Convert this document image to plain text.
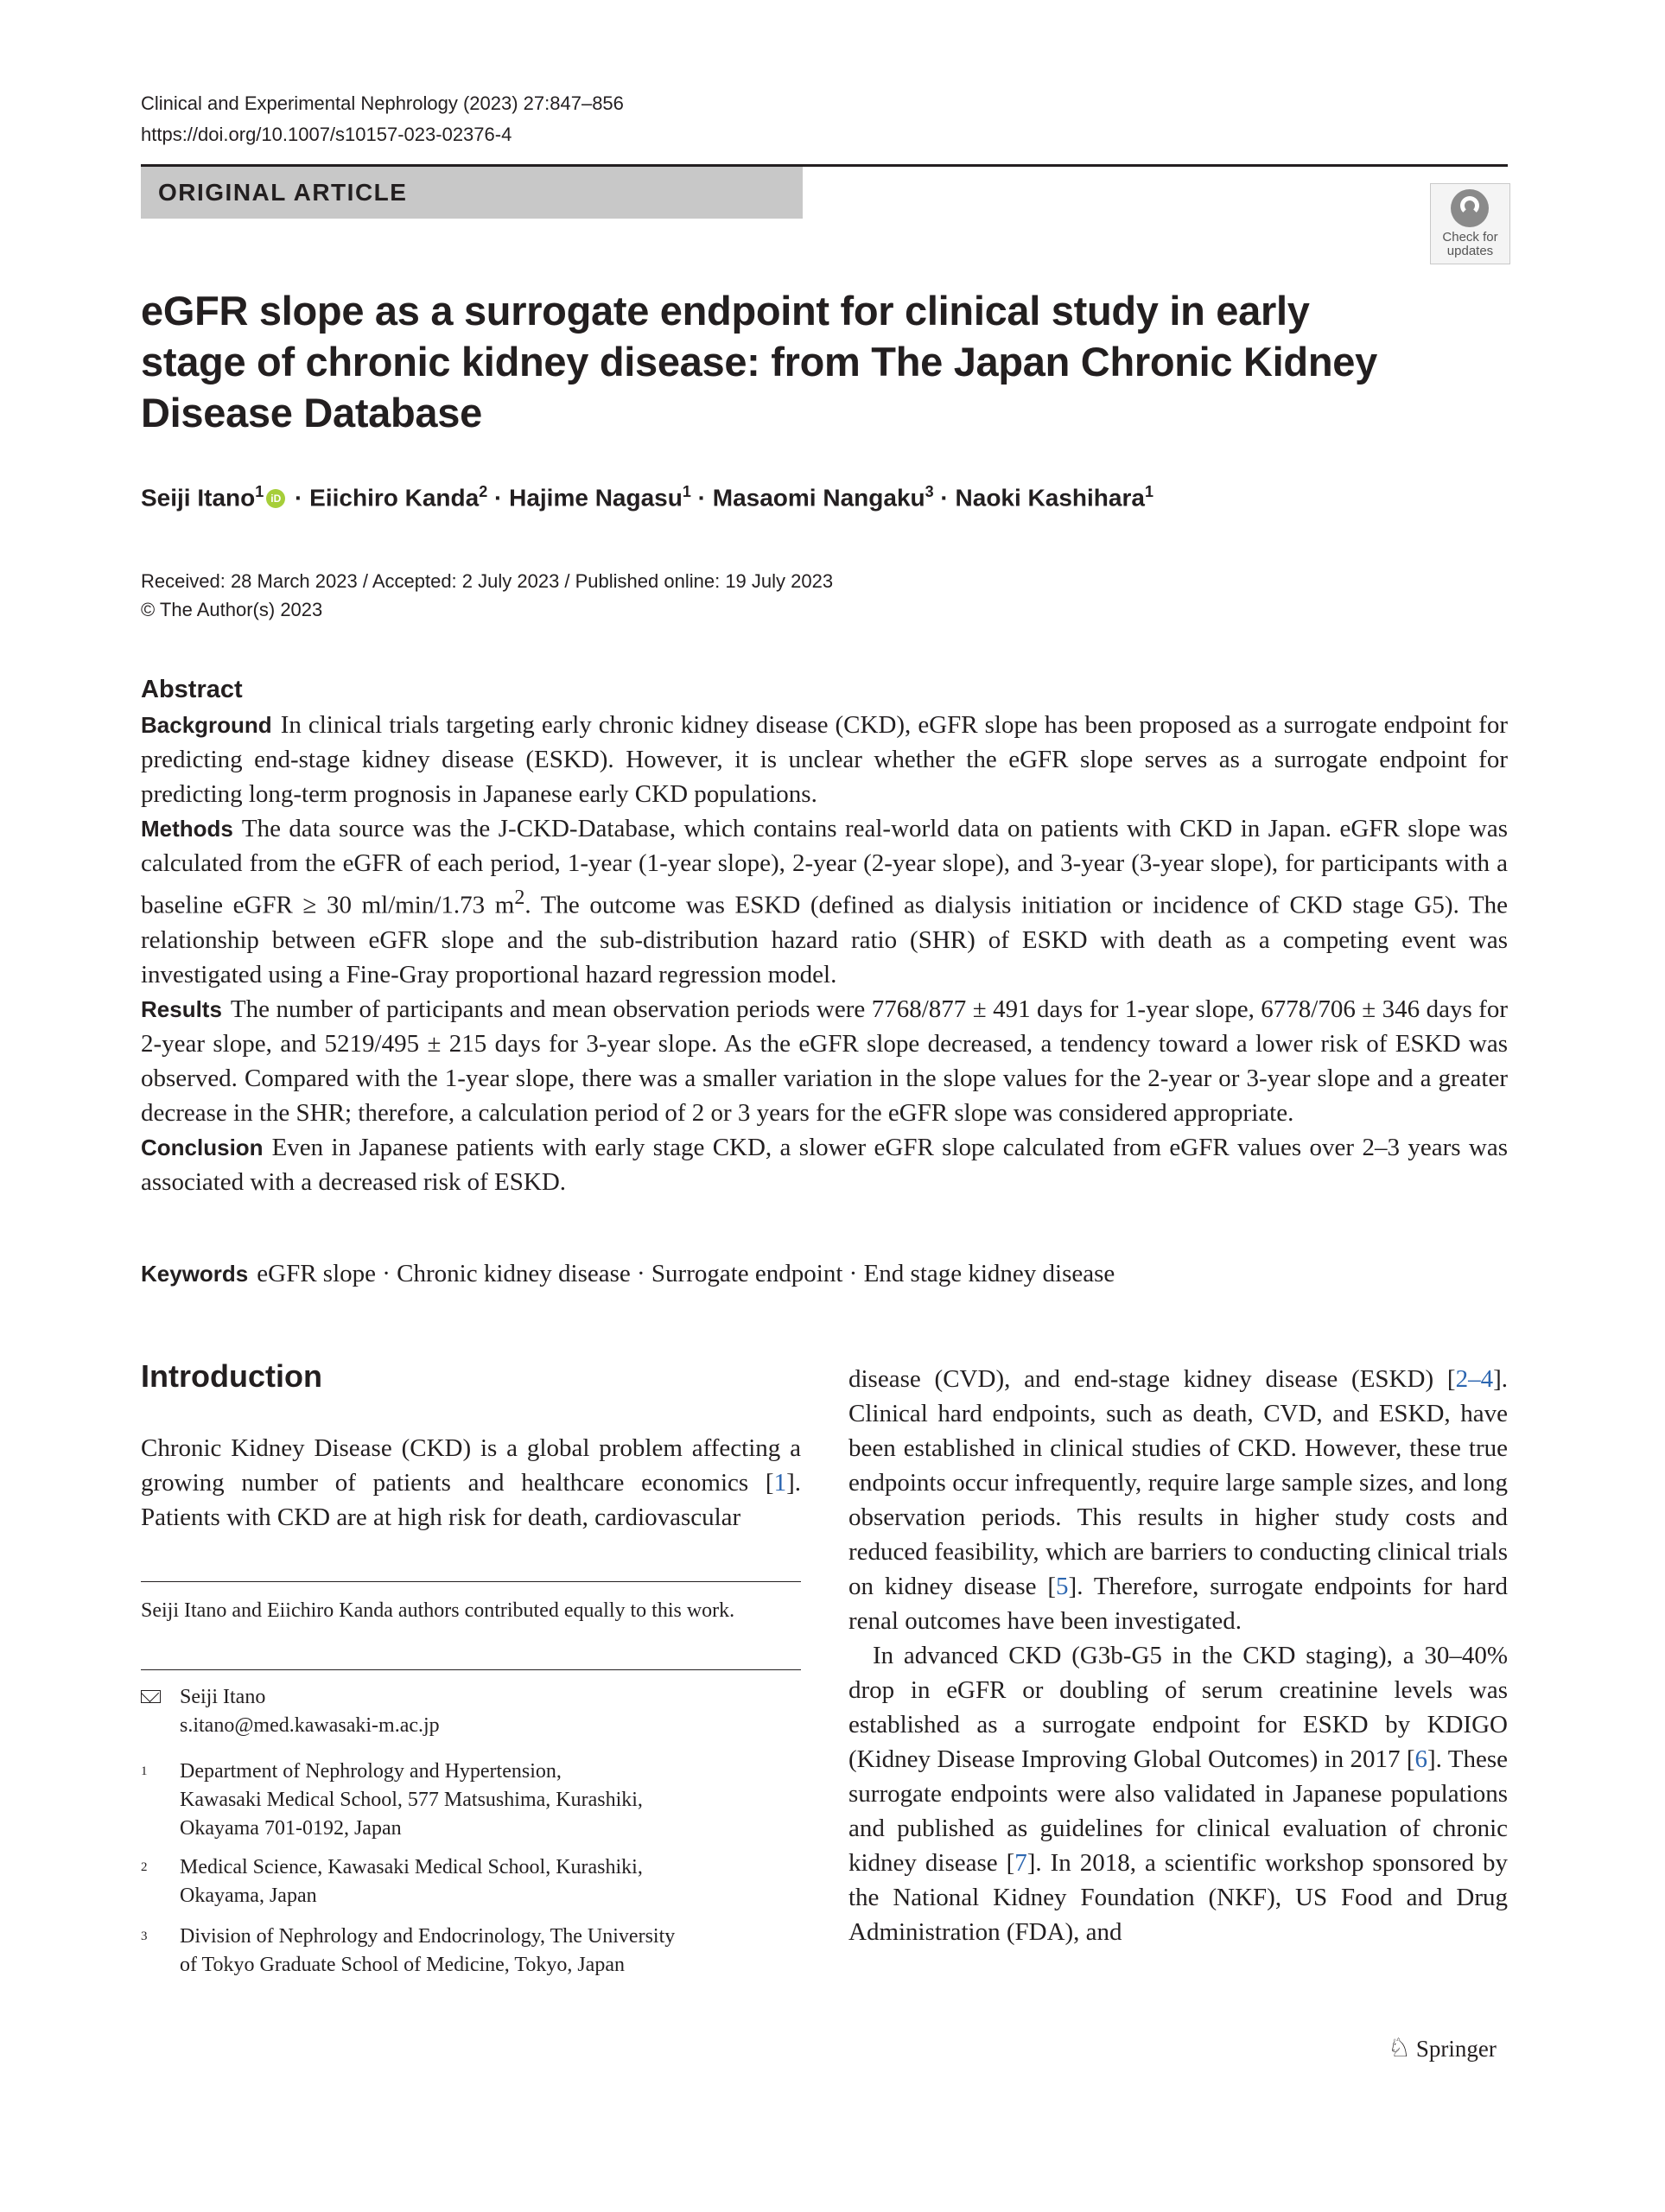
Clinical and Experimental Nephrology (2023) 27:847–856
https://doi.org/10.1007/s10157-023-02376-4
ORIGINAL ARTICLE
Check for
updates
eGFR slope as a surrogate endpoint for clinical study in early stage of chronic kidney disease: from The Japan Chronic Kidney Disease Database
Seiji Itano$^1$ iD · Eiichiro Kanda$^2$ · Hajime Nagasu$^1$ · Masaomi Nangaku$^3$ · Naoki Kashihara$^1$
Received: 28 March 2023 / Accepted: 2 July 2023 / Published online: 19 July 2023
© The Author(s) 2023
Abstract

Background In clinical trials targeting early chronic kidney disease (CKD), eGFR slope has been proposed as a surrogate endpoint for predicting end-stage kidney disease (ESKD). However, it is unclear whether the eGFR slope serves as a surrogate endpoint for predicting long-term prognosis in Japanese early CKD populations.

Methods The data source was the J-CKD-Database, which contains real-world data on patients with CKD in Japan. eGFR slope was calculated from the eGFR of each period, 1-year (1-year slope), 2-year (2-year slope), and 3-year (3-year slope), for participants with a baseline eGFR ≥ 30 ml/min/1.73 $m^2$. The outcome was ESKD (defined as dialysis initiation or incidence of CKD stage G5). The relationship between eGFR slope and the sub-distribution hazard ratio (SHR) of ESKD with death as a competing event was investigated using a Fine-Gray proportional hazard regression model.

Results The number of participants and mean observation periods were 7768/877 ± 491 days for 1-year slope, 6778/706 ± 346 days for 2-year slope, and 5219/495 ± 215 days for 3-year slope. As the eGFR slope decreased, a tendency toward a lower risk of ESKD was observed. Compared with the 1-year slope, there was a smaller variation in the slope values for the 2-year or 3-year slope and a greater decrease in the SHR; therefore, a calculation period of 2 or 3 years for the eGFR slope was considered appropriate.

Conclusion Even in Japanese patients with early stage CKD, a slower eGFR slope calculated from eGFR values over 2–3 years was associated with a decreased risk of ESKD.

Keywords eGFR slope · Chronic kidney disease · Surrogate endpoint · End stage kidney disease
Introduction
Chronic Kidney Disease (CKD) is a global problem affecting a growing number of patients and healthcare economics [1]. Patients with CKD are at high risk for death, cardiovascular
Seiji Itano and Eiichiro Kanda authors contributed equally to this work.
Seiji Itano
s.itano@med.kawasaki-m.ac.jp
1 Department of Nephrology and Hypertension,
Kawasaki Medical School, 577 Matsushima, Kurashiki,
Okayama 701-0192, Japan
2 Medical Science, Kawasaki Medical School, Kurashiki,
Okayama, Japan
3 Division of Nephrology and Endocrinology, The University
of Tokyo Graduate School of Medicine, Tokyo, Japan

disease (CVD), and end-stage kidney disease (ESKD) [2–4]. Clinical hard endpoints, such as death, CVD, and ESKD, have been established in clinical studies of CKD. However, these true endpoints occur infrequently, require large sample sizes, and long observation periods. This results in higher study costs and reduced feasibility, which are barriers to conducting clinical trials on kidney disease [5]. Therefore, surrogate endpoints for hard renal outcomes have been investigated.

In advanced CKD (G3b-G5 in the CKD staging), a 30–40% drop in eGFR or doubling of serum creatinine levels was established as a surrogate endpoint for ESKD by KDIGO (Kidney Disease Improving Global Outcomes) in 2017 [6]. These surrogate endpoints were also validated in Japanese populations and published as guidelines for clinical evaluation of chronic kidney disease [7]. In 2018, a scientific workshop sponsored by the National Kidney Foundation (NKF), US Food and Drug Administration (FDA), and

♘ Springer
